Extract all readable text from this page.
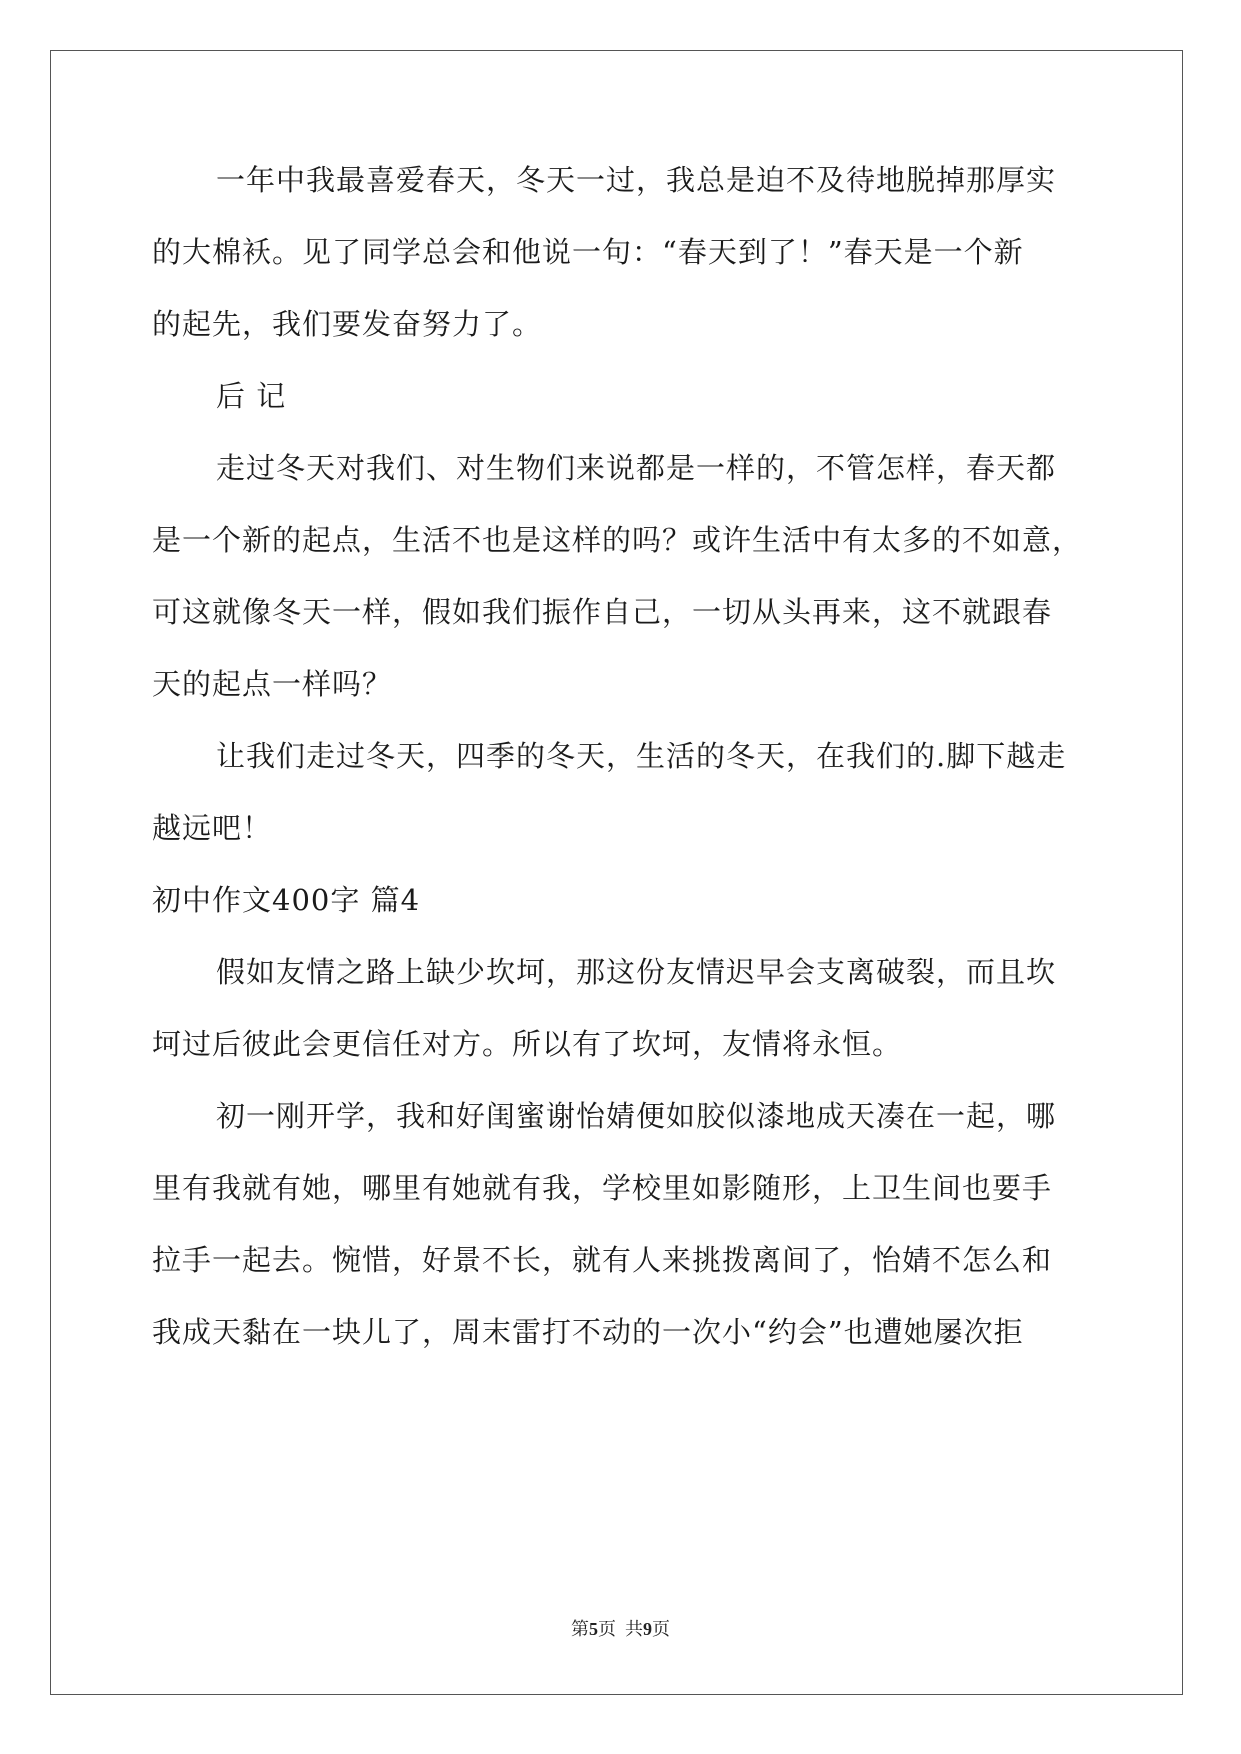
一年中我最喜爱春天，冬天一过，我总是迫不及待地脱掉那厚实
的大棉袄。见了同学总会和他说一句：“春天到了！”春天是一个新
的起先，我们要发奋努力了。
后 记
走过冬天对我们、对生物们来说都是一样的，不管怎样，春天都
是一个新的起点，生活不也是这样的吗？或许生活中有太多的不如意，
可这就像冬天一样，假如我们振作自己，一切从头再来，这不就跟春
天的起点一样吗？
让我们走过冬天，四季的冬天，生活的冬天，在我们的.脚下越走
越远吧！
初中作文400字 篇4
假如友情之路上缺少坎坷，那这份友情迟早会支离破裂，而且坎
坷过后彼此会更信任对方。所以有了坎坷，友情将永恒。
初一刚开学，我和好闺蜜谢怡婧便如胶似漆地成天凑在一起，哪
里有我就有她，哪里有她就有我，学校里如影随形，上卫生间也要手
拉手一起去。惋惜，好景不长，就有人来挑拨离间了，怡婧不怎么和
我成天黏在一块儿了，周末雷打不动的一次小“约会”也遭她屡次拒
第5页  共9页
